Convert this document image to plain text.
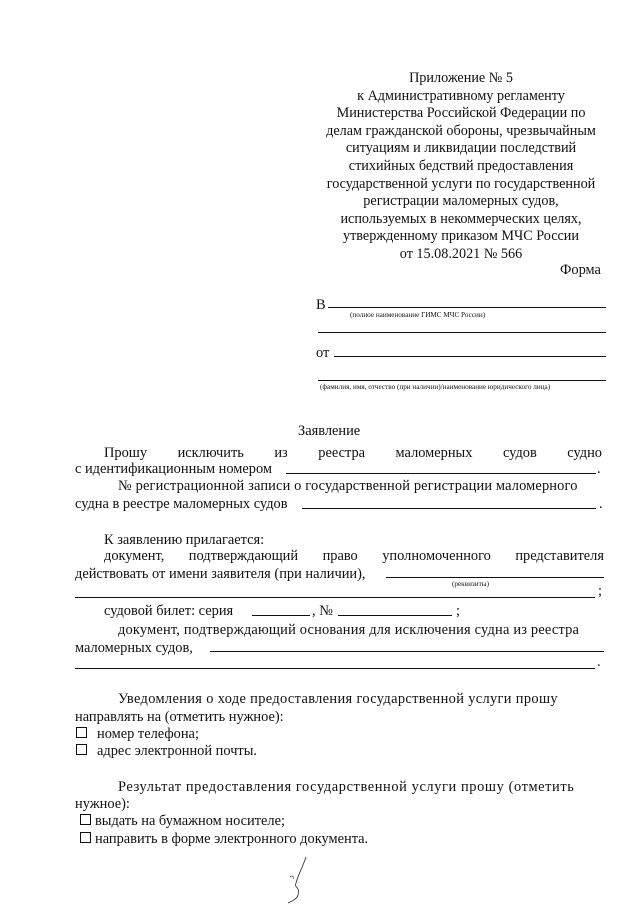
Приложение № 5
к Административному регламенту
Министерства Российской Федерации по
делам гражданской обороны, чрезвычайным
ситуациям и ликвидации последствий
стихийных бедствий предоставления
государственной услуги по государственной
регистрации маломерных судов,
используемых в некоммерческих целях,
утвержденному приказом МЧС России
от 15.08.2021 № 566
Форма
В
(полное наименование ГИМС МЧС России)
от
(фамилия, имя, отчество (при наличии)/наименование юридического лица)
Заявление
Прошу исключить из реестра маломерных судов судно
с идентификационным номером	.
№ регистрационной записи о государственной регистрации маломерного
судна в реестре маломерных судов	.
К заявлению прилагается:
документ, подтверждающий право уполномоченного представителя
действовать от имени заявителя (при наличии),
(реквизиты)	;
судовой билет: серия	, №	;
документ, подтверждающий основания для исключения судна из реестра
маломерных судов,
.
Уведомления о ходе предоставления государственной услуги прошу
направлять на (отметить нужное):
номер телефона;
адрес электронной почты.
Результат предоставления государственной услуги прошу (отметить
нужное):
выдать на бумажном носителе;
направить в форме электронного документа.
